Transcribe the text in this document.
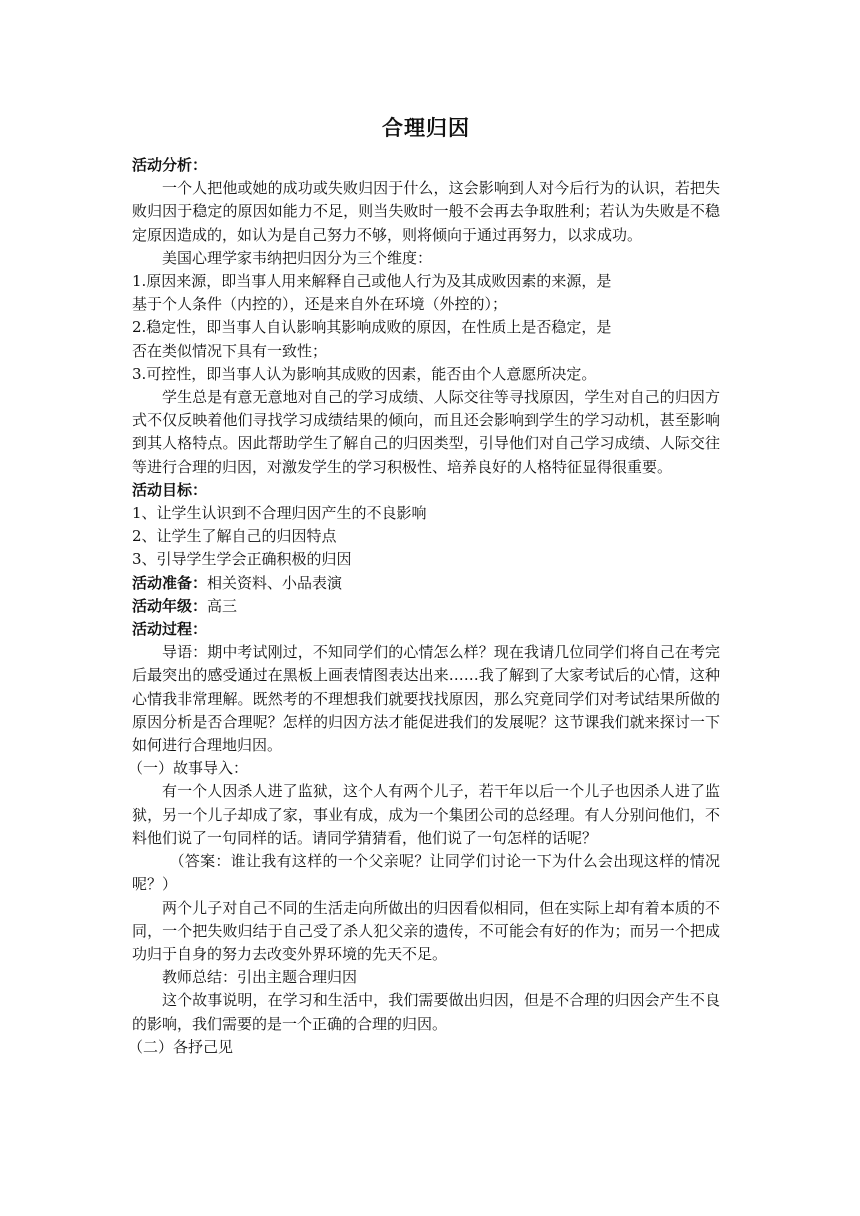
合理归因

活动分析：

一个人把他或她的成功或失败归因于什么，这会影响到人对今后行为的认识，若把失败归因于稳定的原因如能力不足，则当失败时一般不会再去争取胜利；若认为失败是不稳定原因造成的，如认为是自己努力不够，则将倾向于通过再努力，以求成功。

美国心理学家韦纳把归因分为三个维度：

1.原因来源，即当事人用来解释自己或他人行为及其成败因素的来源，是

基于个人条件（内控的），还是来自外在环境（外控的）；

2.稳定性，即当事人自认影响其影响成败的原因，在性质上是否稳定，是

否在类似情况下具有一致性；

3.可控性，即当事人认为影响其成败的因素，能否由个人意愿所决定。

学生总是有意无意地对自己的学习成绩、人际交往等寻找原因，学生对自己的归因方式不仅反映着他们寻找学习成绩结果的倾向，而且还会影响到学生的学习动机，甚至影响到其人格特点。因此帮助学生了解自己的归因类型，引导他们对自己学习成绩、人际交往等进行合理的归因，对激发学生的学习积极性、培养良好的人格特征显得很重要。

活动目标：

1、让学生认识到不合理归因产生的不良影响

2、让学生了解自己的归因特点

3、引导学生学会正确积极的归因

活动准备：相关资料、小品表演

活动年级：高三

活动过程：

导语：期中考试刚过，不知同学们的心情怎么样？现在我请几位同学们将自己在考完后最突出的感受通过在黑板上画表情图表达出来……我了解到了大家考试后的心情，这种心情我非常理解。既然考的不理想我们就要找找原因，那么究竟同学们对考试结果所做的原因分析是否合理呢？怎样的归因方法才能促进我们的发展呢？这节课我们就来探讨一下如何进行合理地归因。

（一）故事导入：

有一个人因杀人进了监狱，这个人有两个儿子，若干年以后一个儿子也因杀人进了监狱，另一个儿子却成了家，事业有成，成为一个集团公司的总经理。有人分别问他们，不料他们说了一句同样的话。请同学猜猜看，他们说了一句怎样的话呢？

（答案：谁让我有这样的一个父亲呢？让同学们讨论一下为什么会出现这样的情况呢？）

两个儿子对自己不同的生活走向所做出的归因看似相同，但在实际上却有着本质的不同，一个把失败归结于自己受了杀人犯父亲的遗传，不可能会有好的作为；而另一个把成功归于自身的努力去改变外界环境的先天不足。

教师总结：引出主题合理归因

这个故事说明，在学习和生活中，我们需要做出归因，但是不合理的归因会产生不良的影响，我们需要的是一个正确的合理的归因。

（二）各抒己见
